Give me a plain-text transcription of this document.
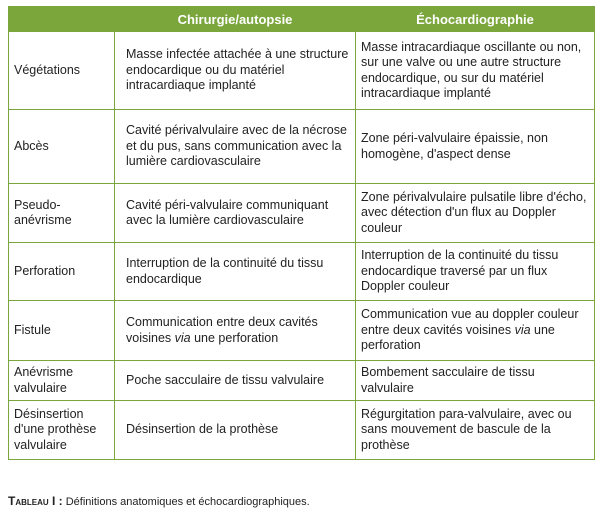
	Chirurgie/autopsie	Échocardiographie
Végétations	Masse infectée attachée à une structure endocardique ou du matériel intracardiaque implanté	Masse intracardiaque oscillante ou non, sur une valve ou une autre structure endocardique, ou sur du matériel intracardiaque implanté
Abcès	Cavité périvalvulaire avec de la nécrose et du pus, sans communication avec la lumière cardiovasculaire	Zone péri-valvulaire épaissie, non homogène, d'aspect dense
Pseudo-anévrisme	Cavité péri-valvulaire communiquant avec la lumière cardiovasculaire	Zone périvalvulaire pulsatile libre d'écho, avec détection d'un flux au Doppler couleur
Perforation	Interruption de la continuité du tissu endocardique	Interruption de la continuité du tissu endocardique traversé par un flux Doppler couleur
Fistule	Communication entre deux cavités voisines via une perforation	Communication vue au doppler couleur entre deux cavités voisines via une perforation
Anévrisme valvulaire	Poche sacculaire de tissu valvulaire	Bombement sacculaire de tissu valvulaire
Désinsertion d'une prothèse valvulaire	Désinsertion de la prothèse	Régurgitation para-valvulaire, avec ou sans mouvement de bascule de la prothèse
Tableau I : Définitions anatomiques et échocardiographiques.
